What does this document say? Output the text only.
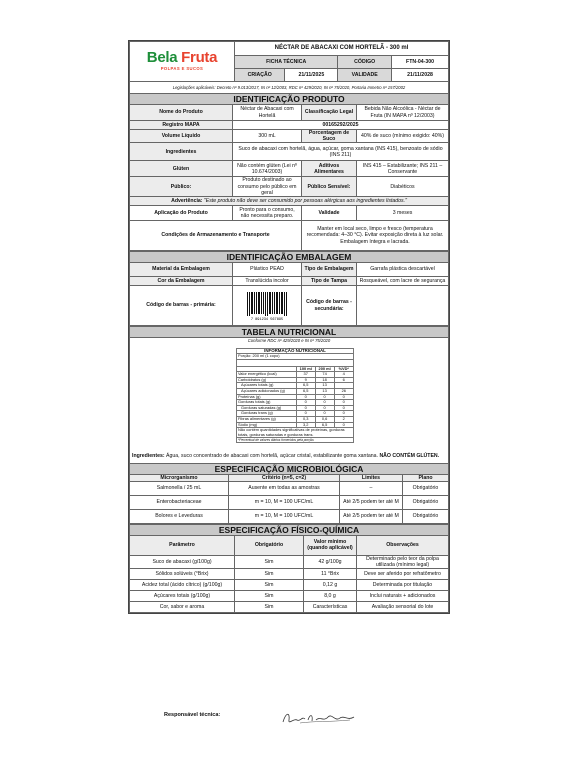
Bela Fruta
POLPAS E SUCOS	NÉCTAR DE ABACAXI COM HORTELÃ - 300 ml			
	FICHA TÉCNICA		CÓDIGO	FTN-04-300
	CRIAÇÃO	21/11/2025	VALIDADE	21/11/2028
Legislações aplicáveis: Decreto nº 9.013/2017, IN nº 12/2003, RDC nº 429/2020, IN nº 75/2020, Portaria Inmetro nº 157/2002
IDENTIFICAÇÃO PRODUTO			
Nome do Produto	Néctar de Abacaxi com Hortelã	Classificação Legal	Bebida Não Alcoólica - Néctar de Fruta (IN MAPA nº 12/2003)
Registro MAPA	00165292/2025		
Volume Líquido	300 mL	Porcentagem de Suco	40% de suco (mínimo exigido: 40%)
Ingredientes	Suco de abacaxi com hortelã, água, açúcar, goma xantana (INS 415), benzoato de sódio (INS 211)		
Glúten	Não contém glúten (Lei nº 10.674/2003)	Aditivos Alimentares	INS 415 – Estabilizante; INS 211 – Conservante
Público:	Produto destinado ao consumo pelo público em geral	Público Sensível:	Diabéticos
Advertência: "Este produto não deve ser consumido por pessoas alérgicas aos ingredientes listados."			
Aplicação do Produto	Pronto para o consumo, não necessita preparo.	Validade	3 meses
Condições de Armazenamento e Transporte		Manter em local seco, limpo e fresco (temperatura recomendada: 4–30 °C). Evitar exposição direta à luz solar. Embalagem íntegra e lacrada.	
IDENTIFICAÇÃO EMBALAGEM			
Material da Embalagem	Plástico PEAD	Tipo de Embalagem	Garrafa plástica descartável
Cor da Embalagem	Translúcida incolor	Tipo de Tampa	Rosqueável, com lacre de segurança
Código de barras - primária:	7 891234 567895	Código de barras - secundária:	
TABELA NUTRICIONAL
Conforme RDC nº 429/2020 e IN nº 75/2020
INFORMAÇÃO NUTRICIONAL			
Porção: 200 ml (1 copo)			

	100 ml	200 ml	%VD*
Valor energético (kcal)	37	74	4
Carboidratos (g)	9	18	6
Açúcares totais (g)	6,5	13	
Açúcares adicionados (g)	6,5	13	26
Proteínas (g)	0	0	0
Gorduras totais (g)	0	0	0
Gorduras saturadas (g)	0	0	0
Gorduras trans (g)	0	0	0
Fibras alimentares (g)	0,3	0,6	2
Sódio (mg)	3,2	6,5	0
Não contém quantidades significativas de proteínas, gorduras totais, gorduras saturadas e gorduras trans.			
*Percentual de valores diários fornecidos pela porção.			
Ingredientes: Água, suco concentrado de abacaxi com hortelã, açúcar cristal, estabilizante goma xantana. NÃO CONTÉM GLÚTEN.
ESPECIFICAÇÃO MICROBIOLÓGICA			
Microrganismo	Critério (n=5, c=2)	Limites	Plano
Salmonella / 25 mL	Ausente em todas as amostras	–	Obrigatório
Enterobacteriaceae	m = 10, M = 100 UFC/mL	Até 2/5 podem ter até M	Obrigatório
Bolores e Leveduras	m = 10, M = 100 UFC/mL	Até 2/5 podem ter até M	Obrigatório
ESPECIFICAÇÃO FÍSICO-QUÍMICA			
Parâmetro	Obrigatório	Valor mínimo (quando aplicável)	Observações
Suco de abacaxi (g/100g)	Sim	42 g/100g	Determinado pelo teor da polpa utilizada (mínimo legal)
Sólidos solúveis (°Brix)	Sim	11 °Brix	Deve ser aferido por refratômetro
Acidez total (ácido cítrico) (g/100g)	Sim	0,12 g	Determinada por titulação
Açúcares totais (g/100g)	Sim	8,0 g	Inclui naturais + adicionados
Cor, sabor e aroma	Sim	Características	Avaliação sensorial do lote
Responsável técnica:
